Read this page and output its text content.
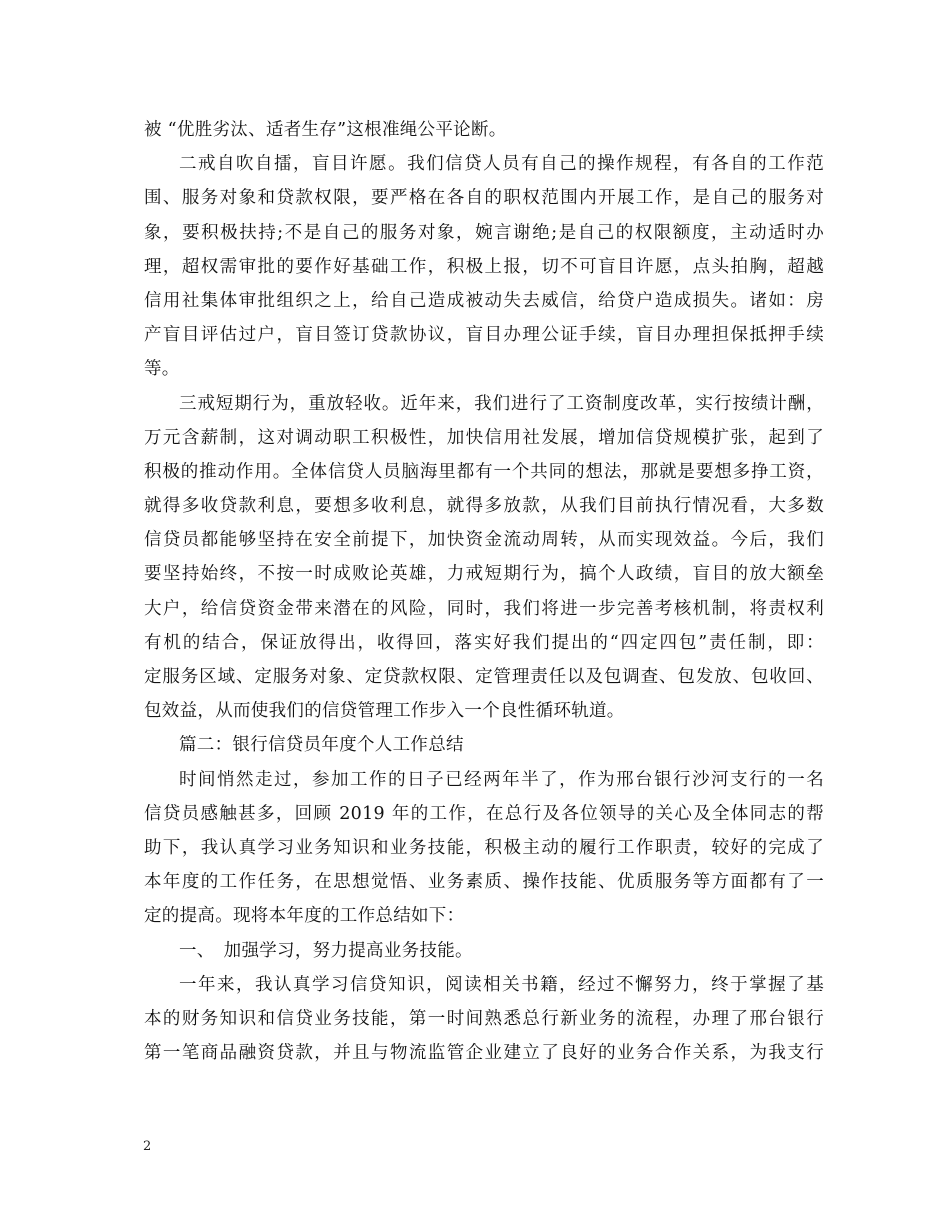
被 “优胜劣汰、适者生存”这根准绳公平论断。
二戒自吹自擂，盲目许愿。我们信贷人员有自己的操作规程，有各自的工作范
围、服务对象和贷款权限，要严格在各自的职权范围内开展工作，是自己的服务对
象，要积极扶持;不是自己的服务对象，婉言谢绝;是自己的权限额度，主动适时办
理，超权需审批的要作好基础工作，积极上报，切不可盲目许愿，点头拍胸，超越
信用社集体审批组织之上，给自己造成被动失去威信，给贷户造成损失。诸如：房
产盲目评估过户，盲目签订贷款协议，盲目办理公证手续，盲目办理担保抵押手续
等。
三戒短期行为，重放轻收。近年来，我们进行了工资制度改革，实行按绩计酬，
万元含薪制，这对调动职工积极性，加快信用社发展，增加信贷规模扩张，起到了
积极的推动作用。全体信贷人员脑海里都有一个共同的想法，那就是要想多挣工资，
就得多收贷款利息，要想多收利息，就得多放款，从我们目前执行情况看，大多数
信贷员都能够坚持在安全前提下，加快资金流动周转，从而实现效益。今后，我们
要坚持始终，不按一时成败论英雄，力戒短期行为，搞个人政绩，盲目的放大额垒
大户，给信贷资金带来潜在的风险，同时，我们将进一步完善考核机制，将责权利
有机的结合，保证放得出，收得回，落实好我们提出的“四定四包”责任制，即：
定服务区域、定服务对象、定贷款权限、定管理责任以及包调查、包发放、包收回、
包效益，从而使我们的信贷管理工作步入一个良性循环轨道。
篇二：银行信贷员年度个人工作总结
时间悄然走过，参加工作的日子已经两年半了，作为邢台银行沙河支行的一名
信贷员感触甚多，回顾 2019 年的工作，在总行及各位领导的关心及全体同志的帮
助下，我认真学习业务知识和业务技能，积极主动的履行工作职责，较好的完成了
本年度的工作任务，在思想觉悟、业务素质、操作技能、优质服务等方面都有了一
定的提高。现将本年度的工作总结如下：
一、　加强学习，努力提高业务技能。
一年来，我认真学习信贷知识，阅读相关书籍，经过不懈努力，终于掌握了基
本的财务知识和信贷业务技能，第一时间熟悉总行新业务的流程，办理了邢台银行
第一笔商品融资贷款，并且与物流监管企业建立了良好的业务合作关系，为我支行
2
